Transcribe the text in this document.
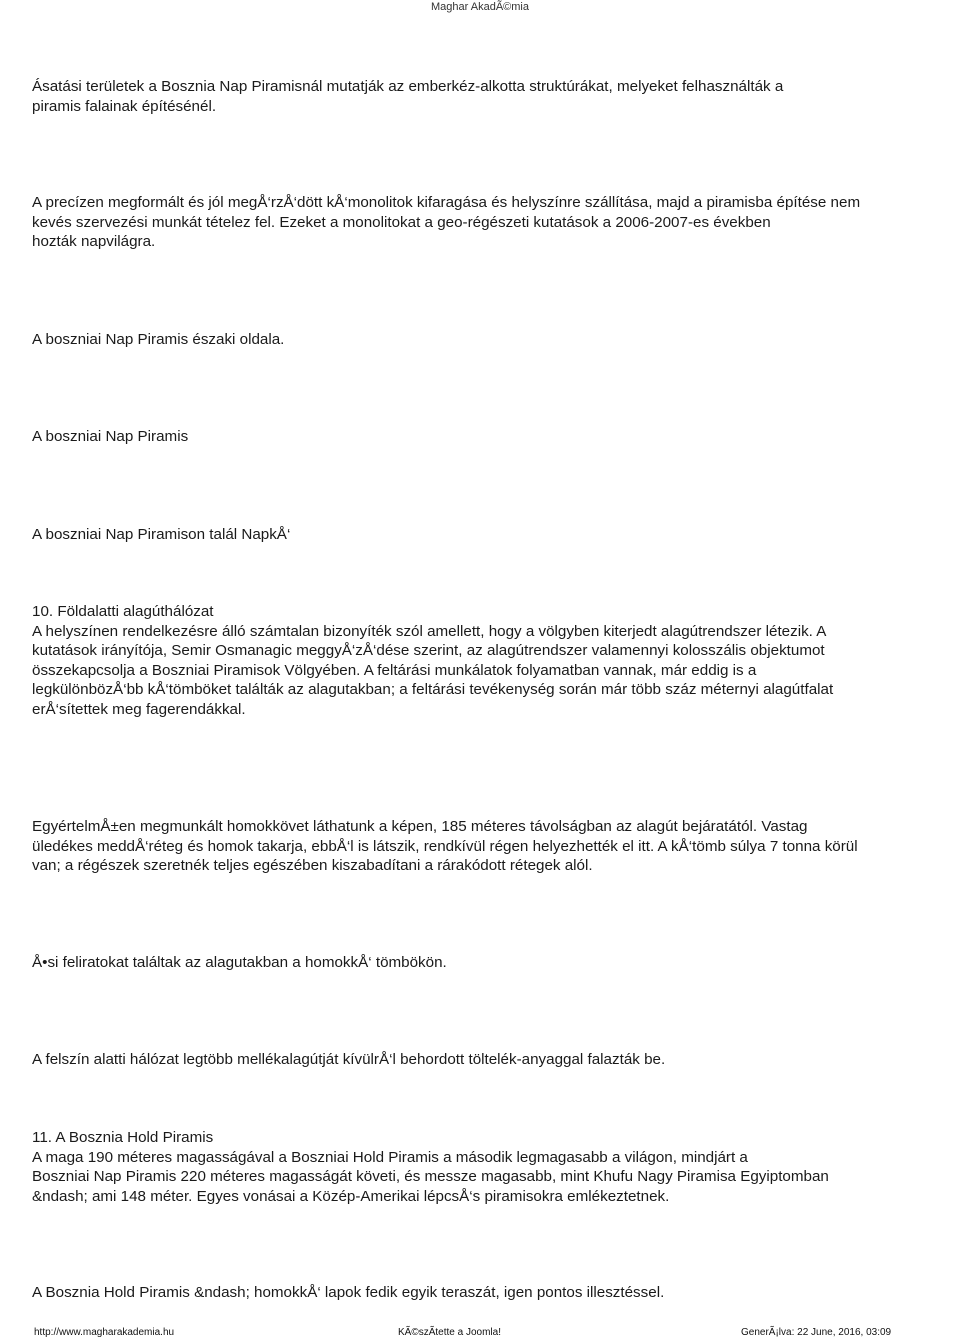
Maghar AkadÃ©mia
Ásatási területek a Bosznia Nap Piramisnál mutatják az emberkéz-alkotta struktúrákat, melyeket felhasználták a
piramis falainak építésénél.
A precízen megformált és jól megÅ‘rzÅ‘dött kÅ‘monolitok kifaragása és helyszínre szállítása, majd a piramisba építése nem
kevés szervezési munkát tételez fel. Ezeket a monolitokat a geo-régészeti kutatások a 2006-2007-es években
hozták napvilágra.
A boszniai Nap Piramis északi oldala.
A boszniai Nap Piramis
A boszniai Nap Piramison talál NapkÅ‘
10. Földalatti alagúthálózat
A helyszínen rendelkezésre álló számtalan bizonyíték szól amellett, hogy a völgyben kiterjedt alagútrendszer létezik. A
kutatások irányítója, Semir Osmanagic meggyÅ‘zÅ‘dése szerint, az alagútrendszer valamennyi kolosszális objektumot
összekapcsolja a Boszniai Piramisok Völgyében. A feltárási munkálatok folyamatban vannak, már eddig is a
legkülönbözÅ‘bb kÅ‘tömböket találták az alagutakban; a feltárási tevékenység során már több száz méternyi alagútfalat
erÅ‘sítettek meg fagerendákkal.
EgyértelmÅ±en megmunkált homokkövet láthatunk a képen, 185 méteres távolságban az alagút bejáratától. Vastag
üledékes meddÅ‘réteg és homok takarja, ebbÅ‘l is látszik, rendkívül régen helyezhették el itt. A kÅ‘tömb súlya 7 tonna körül
van; a régészek szeretnék teljes egészében kiszabadítani a rárakódott rétegek alól.
Å•si feliratokat találtak az alagutakban a homokkÅ‘ tömbökön.
A felszín alatti hálózat legtöbb mellékalagútját kívülrÅ‘l behordott töltelék-anyaggal falazták be.
11. A Bosznia Hold Piramis
A maga 190 méteres magasságával a Boszniai Hold Piramis a második legmagasabb a világon, mindjárt a
Boszniai Nap Piramis 220 méteres magasságát követi, és messze magasabb, mint Khufu Nagy Piramisa Egyiptomban
&ndash; ami 148 méter. Egyes vonásai a Közép-Amerikai lépcsÅ‘s piramisokra emlékeztetnek.
A Bosznia Hold Piramis &ndash; homokkÅ‘ lapok fedik egyik teraszát, igen pontos illesztéssel.
http://www.magharakademia.hu	KÃ©szÃtette a Joomla!	GenerÃ¡lva: 22 June, 2016, 03:09
